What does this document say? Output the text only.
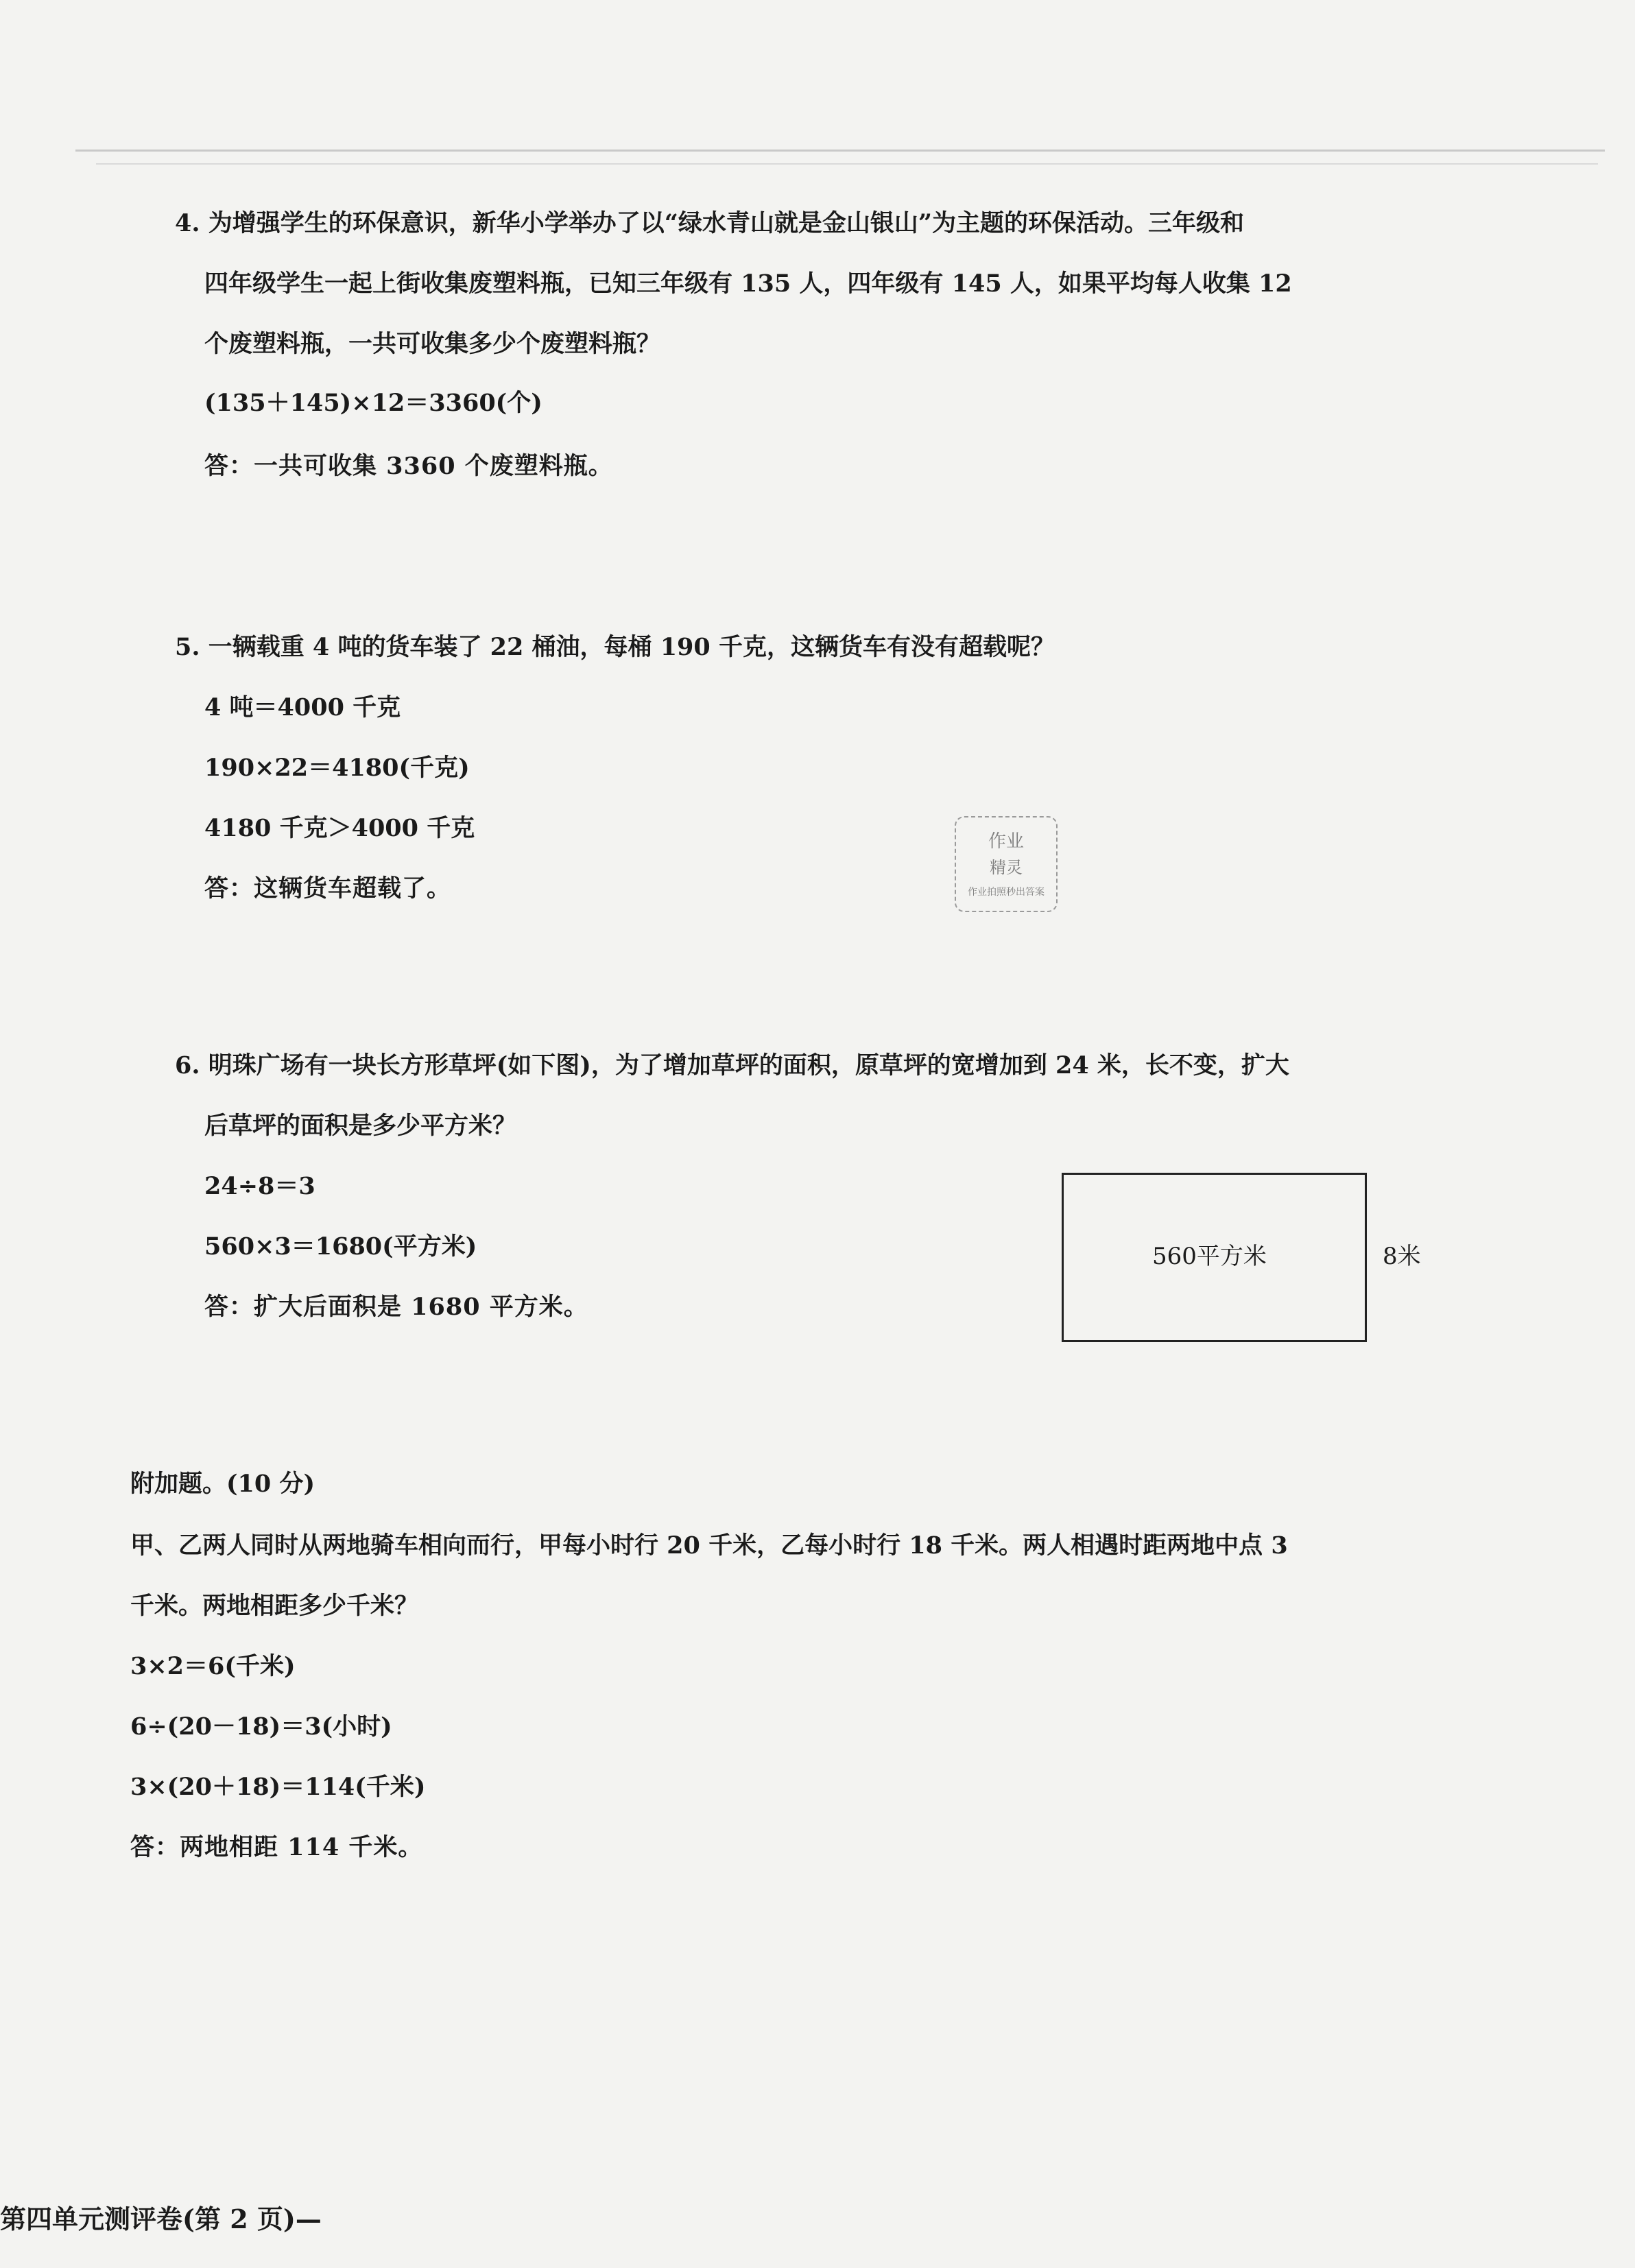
4. 为增强学生的环保意识，新华小学举办了以“绿水青山就是金山银山”为主题的环保活动。三年级和
四年级学生一起上街收集废塑料瓶，已知三年级有 135 人，四年级有 145 人，如果平均每人收集 12
个废塑料瓶，一共可收集多少个废塑料瓶？
(135＋145)×12＝3360(个)
答：一共可收集 3360 个废塑料瓶。
5. 一辆载重 4 吨的货车装了 22 桶油，每桶 190 千克，这辆货车有没有超载呢？
4 吨＝4000 千克
190×22＝4180(千克)
4180 千克＞4000 千克
答：这辆货车超载了。
作业
精灵
作业拍照秒出答案
6. 明珠广场有一块长方形草坪(如下图)，为了增加草坪的面积，原草坪的宽增加到 24 米，长不变，扩大
后草坪的面积是多少平方米？
24÷8＝3
560×3＝1680(平方米)
答：扩大后面积是 1680 平方米。
560平方米	8米
附加题。(10 分)
甲、乙两人同时从两地骑车相向而行，甲每小时行 20 千米，乙每小时行 18 千米。两人相遇时距两地中点 3
千米。两地相距多少千米？
3×2＝6(千米)
6÷(20－18)＝3(小时)
3×(20＋18)＝114(千米)
答：两地相距 114 千米。
第四单元测评卷(第 2 页)—
